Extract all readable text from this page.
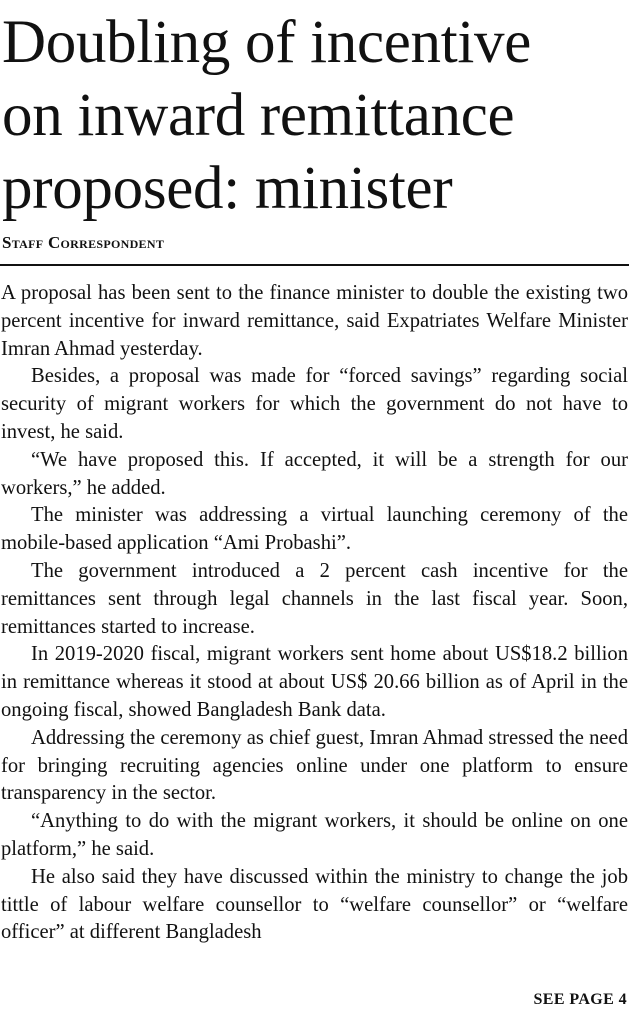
Doubling of incentive
on inward remittance
proposed: minister
Staff Correspondent

A proposal has been sent to the finance minister to double the existing two percent incentive for inward remittance, said Expatriates Welfare Minister Imran Ahmad yesterday.

Besides, a proposal was made for “forced savings” regarding social security of migrant workers for which the government do not have to invest, he said.

“We have proposed this. If accepted, it will be a strength for our workers,” he added.

The minister was addressing a virtual launching ceremony of the mobile-based application “Ami Probashi”.

The government introduced a 2 percent cash incentive for the remittances sent through legal channels in the last fiscal year. Soon, remittances started to increase.

In 2019-2020 fiscal, migrant workers sent home about US$18.2 billion in remittance whereas it stood at about US$ 20.66 billion as of April in the ongoing fiscal, showed Bangladesh Bank data.

Addressing the ceremony as chief guest, Imran Ahmad stressed the need for bringing recruiting agencies online under one platform to ensure transparency in the sector.

“Anything to do with the migrant workers, it should be online on one platform,” he said.

He also said they have discussed within the ministry to change the job tittle of labour welfare counsellor to “welfare counsellor” or “welfare officer” at different Bangladesh

SEE PAGE 4
